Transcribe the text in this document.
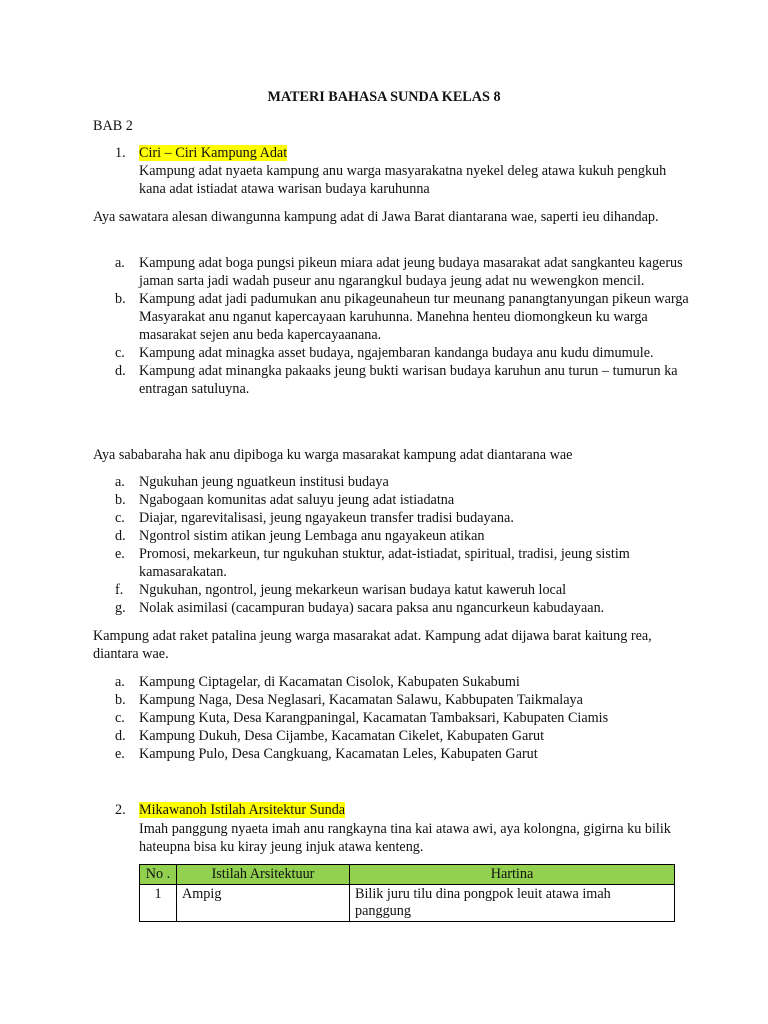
MATERI BAHASA SUNDA KELAS 8
BAB 2
1. Ciri – Ciri Kampung Adat
Kampung adat nyaeta kampung anu warga masyarakatna nyekel deleg atawa kukuh pengkuh kana adat istiadat atawa warisan budaya karuhunna
Aya sawatara alesan diwangunna kampung adat di Jawa Barat diantarana wae, saperti ieu dihandap.
a. Kampung adat boga pungsi pikeun miara adat jeung budaya masarakat adat sangkanteu kagerus jaman sarta jadi wadah puseur anu ngarangkul budaya jeung adat nu wewengkon mencil.
b. Kampung adat jadi padumukan anu pikageunaheun tur meunang panangtanyungan pikeun warga Masyarakat anu nganut kapercayaan karuhunna. Manehna henteu diomongkeun ku warga masarakat sejen anu beda kapercayaanana.
c. Kampung adat minagka asset budaya, ngajembaran kandanga budaya anu kudu dimumule.
d. Kampung adat minangka pakaaks jeung bukti warisan budaya karuhun anu turun – tumurun ka entragan satuluyna.
Aya sababaraha hak anu dipiboga ku warga masarakat kampung adat diantarana wae
a. Ngukuhan jeung nguatkeun institusi budaya
b. Ngabogaan komunitas adat saluyu jeung adat istiadatna
c. Diajar, ngarevitalisasi, jeung ngayakeun transfer tradisi budayana.
d. Ngontrol sistim atikan jeung Lembaga anu ngayakeun atikan
e. Promosi, mekarkeun, tur ngukuhan stuktur, adat-istiadat, spiritual, tradisi, jeung sistim kamasarakatan.
f. Ngukuhan, ngontrol, jeung mekarkeun warisan budaya katut kaweruh local
g. Nolak asimilasi (cacampuran budaya) sacara paksa anu ngancurkeun kabudayaan.
Kampung adat raket patalina jeung warga masarakat adat. Kampung adat dijawa barat kaitung rea, diantara wae.
a. Kampung Ciptagelar, di Kacamatan Cisolok, Kabupaten Sukabumi
b. Kampung Naga, Desa Neglasari, Kacamatan Salawu, Kabbupaten Taikmalaya
c. Kampung Kuta, Desa Karangpaningal, Kacamatan Tambaksari, Kabupaten Ciamis
d. Kampung Dukuh, Desa Cijambe, Kacamatan Cikelet, Kabupaten Garut
e. Kampung Pulo, Desa Cangkuang, Kacamatan Leles, Kabupaten Garut
2. Mikawanoh Istilah Arsitektur Sunda
Imah panggung nyaeta imah anu rangkayna tina kai atawa awi, aya kolongna, gigirna ku bilik hateupna bisa ku kiray jeung injuk atawa kenteng.
No .	Istilah Arsitektuur	Hartina
1	Ampig	Bilik juru tilu dina pongpok leuit atawa imah panggung
